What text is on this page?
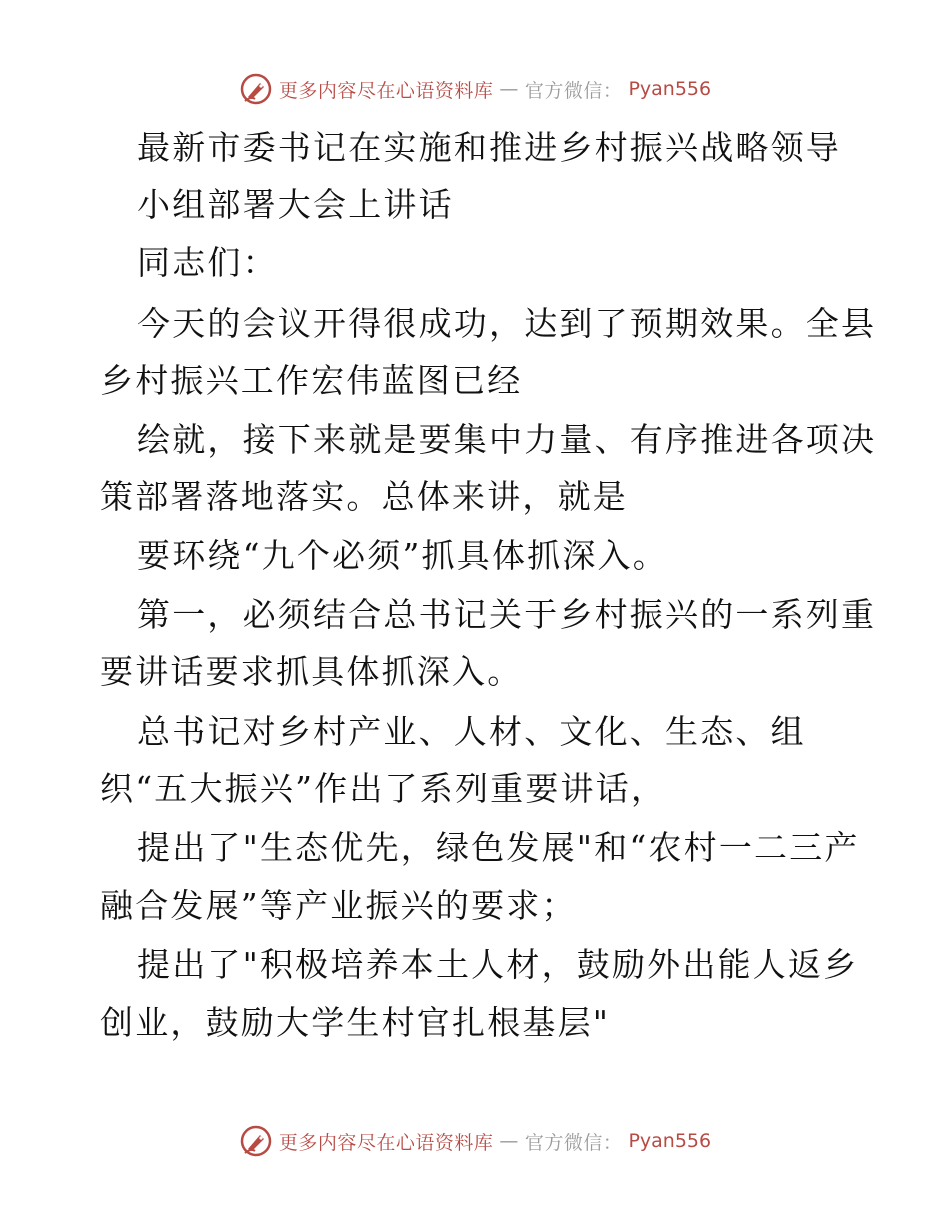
更多内容尽在心语资料库 — 官方微信： Pyan556
最新市委书记在实施和推进乡村振兴战略领导
小组部署大会上讲话
同志们：
今天的会议开得很成功，达到了预期效果。全县
乡村振兴工作宏伟蓝图已经
绘就，接下来就是要集中力量、有序推进各项决
策部署落地落实。总体来讲，就是
要环绕“九个必须”抓具体抓深入。
第一，必须结合总书记关于乡村振兴的一系列重
要讲话要求抓具体抓深入。
总书记对乡村产业、人材、文化、生态、组
织“五大振兴”作出了系列重要讲话，
提出了"生态优先，绿色发展"和“农村一二三产
融合发展”等产业振兴的要求；
提出了"积极培养本土人材，鼓励外出能人返乡
创业，鼓励大学生村官扎根基层"
更多内容尽在心语资料库 — 官方微信： Pyan556
